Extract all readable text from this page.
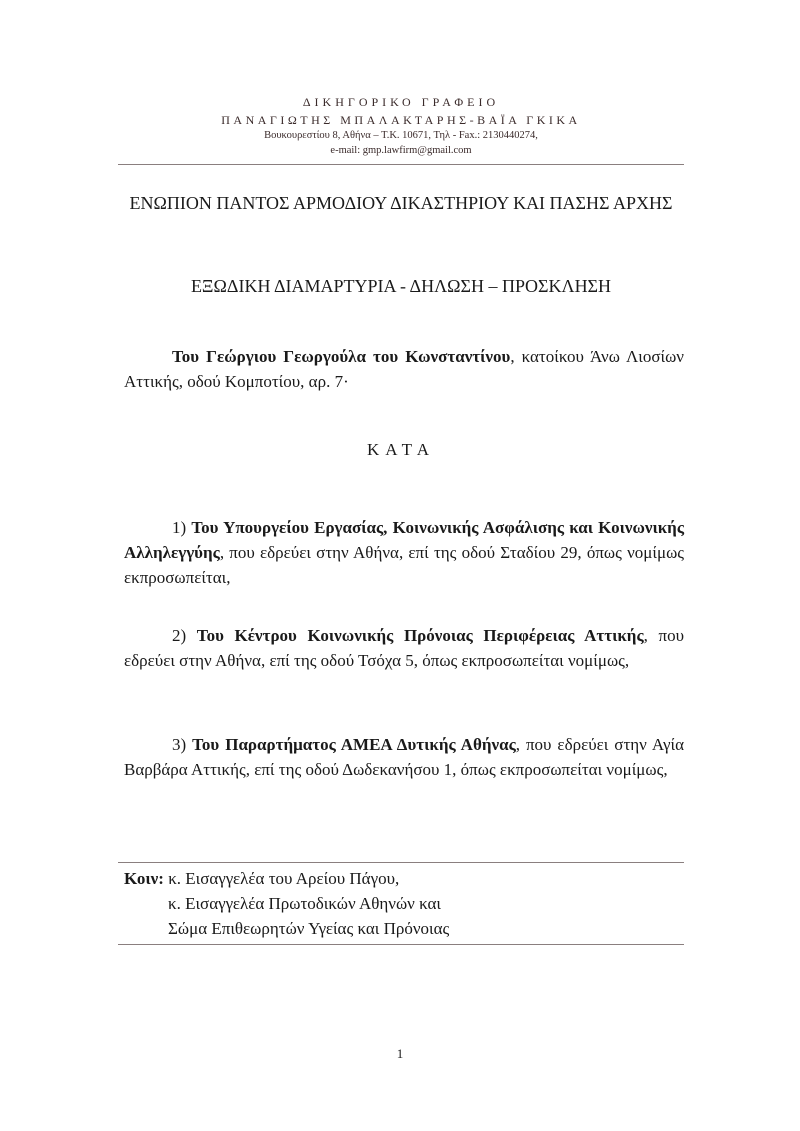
ΔΙΚΗΓΟΡΙΚΟ ΓΡΑΦΕΙΟ
ΠΑΝΑΓΙΩΤΗΣ ΜΠΑΛΑΚΤΑΡΗΣ-ΒΑΪΑ ΓΚΙΚΑ
Βουκουρεστίου 8, Αθήνα – Τ.Κ. 10671, Τηλ - Fax.: 2130440274,
e-mail: gmp.lawfirm@gmail.com
ΕΝΩΠΙΟΝ ΠΑΝΤΟΣ ΑΡΜΟΔΙΟΥ ΔΙΚΑΣΤΗΡΙΟΥ ΚΑΙ ΠΑΣΗΣ ΑΡΧΗΣ
ΕΞΩΔΙΚΗ ΔΙΑΜΑΡΤΥΡΙΑ - ΔΗΛΩΣΗ – ΠΡΟΣΚΛΗΣΗ
Του Γεώργιου Γεωργούλα του Κωνσταντίνου, κατοίκου Άνω Λιοσίων Αττικής, οδού Κομποτίου, αρ. 7·
ΚΑΤΑ
1) Του Υπουργείου Εργασίας, Κοινωνικής Ασφάλισης και Κοινωνικής Αλληλεγγύης, που εδρεύει στην Αθήνα, επί της οδού Σταδίου 29, όπως νομίμως εκπροσωπείται,
2) Του Κέντρου Κοινωνικής Πρόνοιας Περιφέρειας Αττικής, που εδρεύει στην Αθήνα, επί της οδού Τσόχα 5, όπως εκπροσωπείται νομίμως,
3) Του Παραρτήματος ΑΜΕΑ Δυτικής Αθήνας, που εδρεύει στην Αγία Βαρβάρα Αττικής, επί της οδού Δωδεκανήσου 1, όπως εκπροσωπείται νομίμως,
Κοιν: κ. Εισαγγελέα του Αρείου Πάγου,
κ. Εισαγγελέα Πρωτοδικών Αθηνών και
Σώμα Επιθεωρητών Υγείας και Πρόνοιας
1
